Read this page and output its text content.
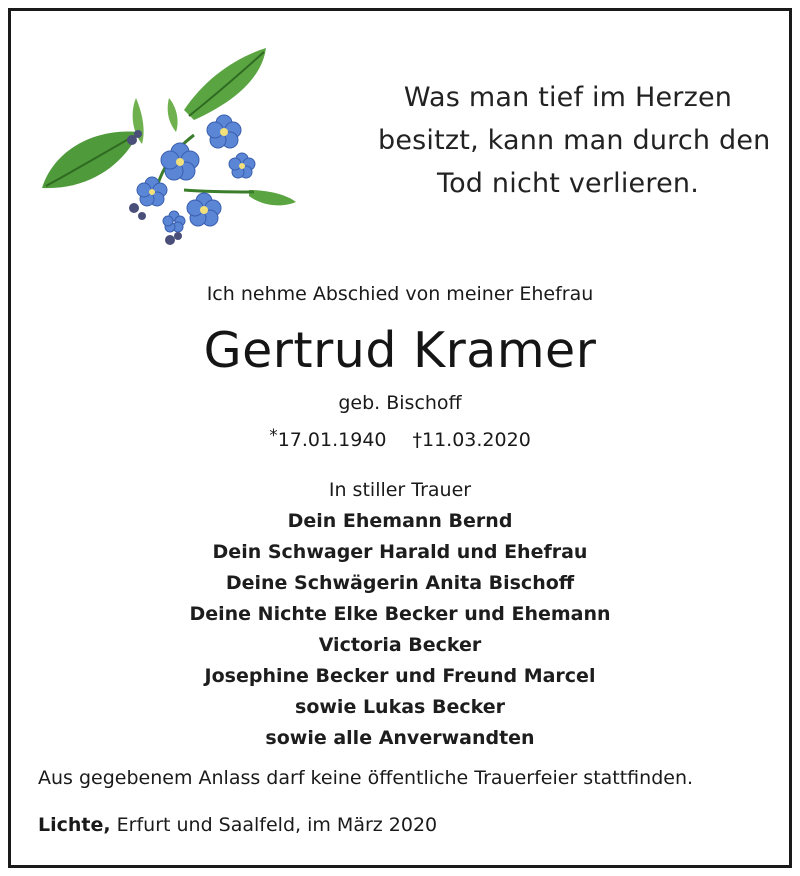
Was man tief im Herzen
besitzt, kann man durch den
Tod nicht verlieren.
Ich nehme Abschied von meiner Ehefrau
Gertrud Kramer
geb. Bischoff
*17.01.1940 †11.03.2020
In stiller Trauer
Dein Ehemann Bernd
Dein Schwager Harald und Ehefrau
Deine Schwägerin Anita Bischoff
Deine Nichte Elke Becker und Ehemann
Victoria Becker
Josephine Becker und Freund Marcel
sowie Lukas Becker
sowie alle Anverwandten
Aus gegebenem Anlass darf keine öffentliche Trauerfeier stattfinden.
Lichte, Erfurt und Saalfeld, im März 2020
